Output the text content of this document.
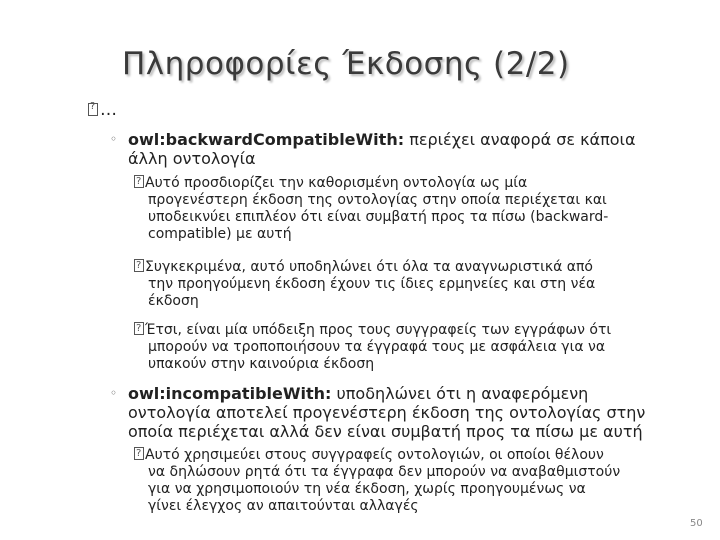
Πληροφορίες Έκδοσης (2/2)
?…
◦ owl:backwardCompatibleWith: περιέχει αναφορά σε κάποια
άλλη οντολογία
?Αυτό προσδιορίζει την καθορισμένη οντολογία ως μία
προγενέστερη έκδοση της οντολογίας στην οποία περιέχεται και
υποδεικνύει επιπλέον ότι είναι συμβατή προς τα πίσω (backward-
compatible) με αυτή
?Συγκεκριμένα, αυτό υποδηλώνει ότι όλα τα αναγνωριστικά από
την προηγούμενη έκδοση έχουν τις ίδιες ερμηνείες και στη νέα
έκδοση
?Έτσι, είναι μία υπόδειξη προς τους συγγραφείς των εγγράφων ότι
μπορούν να τροποποιήσουν τα έγγραφά τους με ασφάλεια για να
υπακούν στην καινούρια έκδοση
◦ owl:incompatibleWith: υποδηλώνει ότι η αναφερόμενη
οντολογία αποτελεί προγενέστερη έκδοση της οντολογίας στην
οποία περιέχεται αλλά δεν είναι συμβατή προς τα πίσω με αυτή
?Αυτό χρησιμεύει στους συγγραφείς οντολογιών, οι οποίοι θέλουν
να δηλώσουν ρητά ότι τα έγγραφα δεν μπορούν να αναβαθμιστούν
για να χρησιμοποιούν τη νέα έκδοση, χωρίς προηγουμένως να
γίνει έλεγχος αν απαιτούνται αλλαγές
50
